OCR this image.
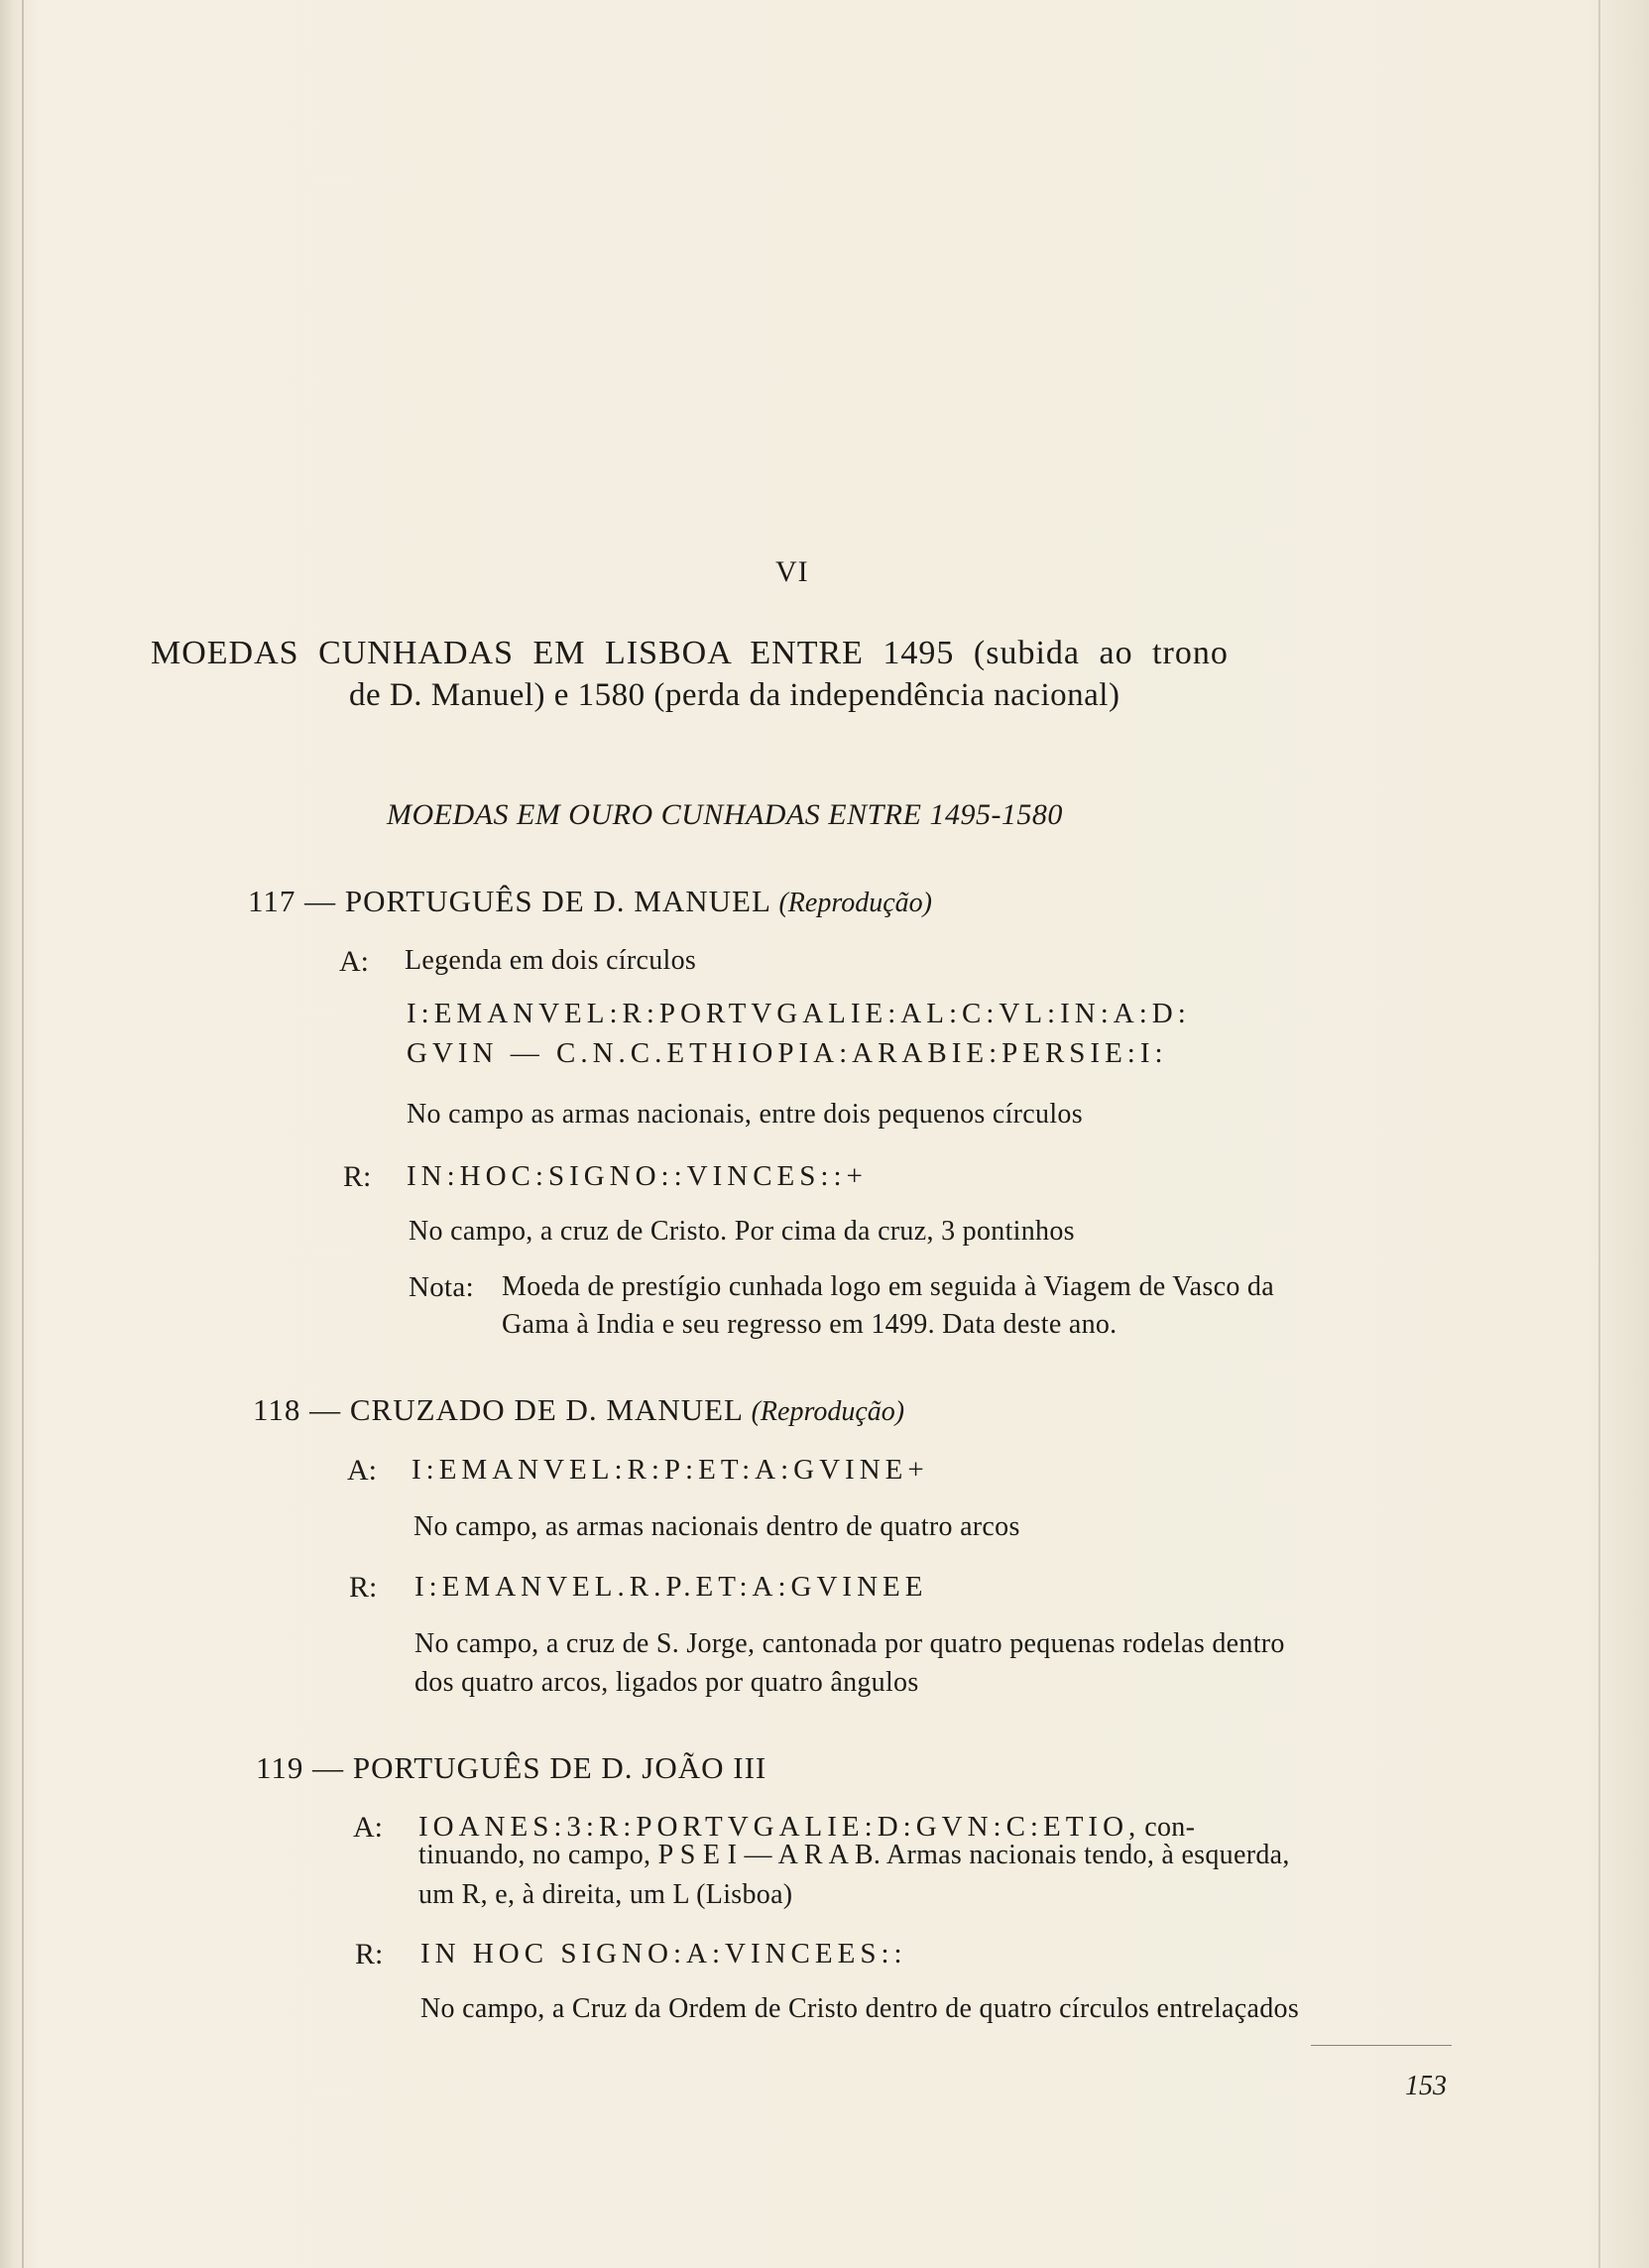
VI
MOEDAS CUNHADAS EM LISBOA ENTRE 1495 (subida ao trono
de D. Manuel) e 1580 (perda da independência nacional)
MOEDAS EM OURO CUNHADAS ENTRE 1495-1580
117 — PORTUGUÊS DE D. MANUEL (Reprodução)
A: Legenda em dois círculos
I:EMANVEL:R:PORTVGALIE:AL:C:VL:IN:A:D:
GVIN — C.N.C.ETHIOPIA:ARABIE:PERSIE:I:
No campo as armas nacionais, entre dois pequenos círculos
R: IN:HOC:SIGNO::VINCES::+
No campo, a cruz de Cristo. Por cima da cruz, 3 pontinhos
Nota: Moeda de prestígio cunhada logo em seguida à Viagem de Vasco da
Gama à India e seu regresso em 1499. Data deste ano.
118 — CRUZADO DE D. MANUEL (Reprodução)
A: I:EMANVEL:R:P:ET:A:GVINE+
No campo, as armas nacionais dentro de quatro arcos
R: I:EMANVEL.R.P.ET:A:GVINEE
No campo, a cruz de S. Jorge, cantonada por quatro pequenas rodelas dentro
dos quatro arcos, ligados por quatro ângulos
119 — PORTUGUÊS DE D. JOÃO III
A: IOANES:3:R:PORTVGALIE:D:GVN:C:ETIO, con-
tinuando, no campo, P S E I — A R A B. Armas nacionais tendo, à esquerda,
um R, e, à direita, um L (Lisboa)
R: IN HOC SIGNO:A:VINCEES::
No campo, a Cruz da Ordem de Cristo dentro de quatro círculos entrelaçados
153
